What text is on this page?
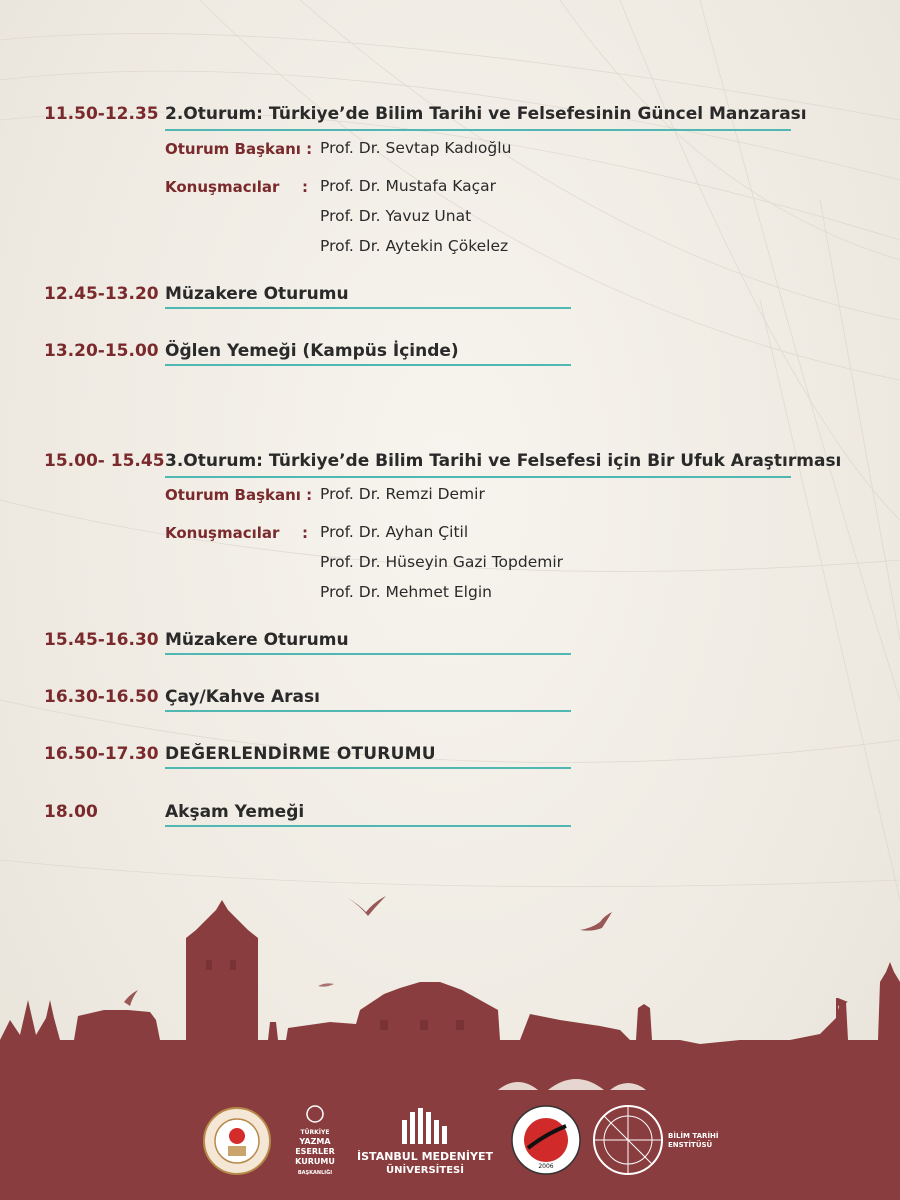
11.50-12.35 2.Oturum: Türkiye’de Bilim Tarihi ve Felsefesinin Güncel Manzarası
Oturum Başkanı : Prof. Dr. Sevtap Kadıoğlu
Konuşmacılar : Prof. Dr. Mustafa Kaçar
Prof. Dr. Yavuz Unat
Prof. Dr. Aytekin Çökelez
12.45-13.20 Müzakere Oturumu
13.20-15.00 Öğlen Yemeği (Kampüs İçinde)
15.00- 15.45 3.Oturum: Türkiye’de Bilim Tarihi ve Felsefesi için Bir Ufuk Araştırması
Oturum Başkanı : Prof. Dr. Remzi Demir
Konuşmacılar : Prof. Dr. Ayhan Çitil
Prof. Dr. Hüseyin Gazi Topdemir
Prof. Dr. Mehmet Elgin
15.45-16.30 Müzakere Oturumu
16.30-16.50 Çay/Kahve Arası
16.50-17.30 DEĞERLENDİRME OTURUMU
18.00	Akşam Yemeği
TÜRKİYE
YAZMA
ESERLER
KURUMU
BAŞKANLIĞI
İSTANBUL MEDENİYET
ÜNİVERSİTESİ	2006
BİLİM TARİHİ
ENSTİTÜSÜ
